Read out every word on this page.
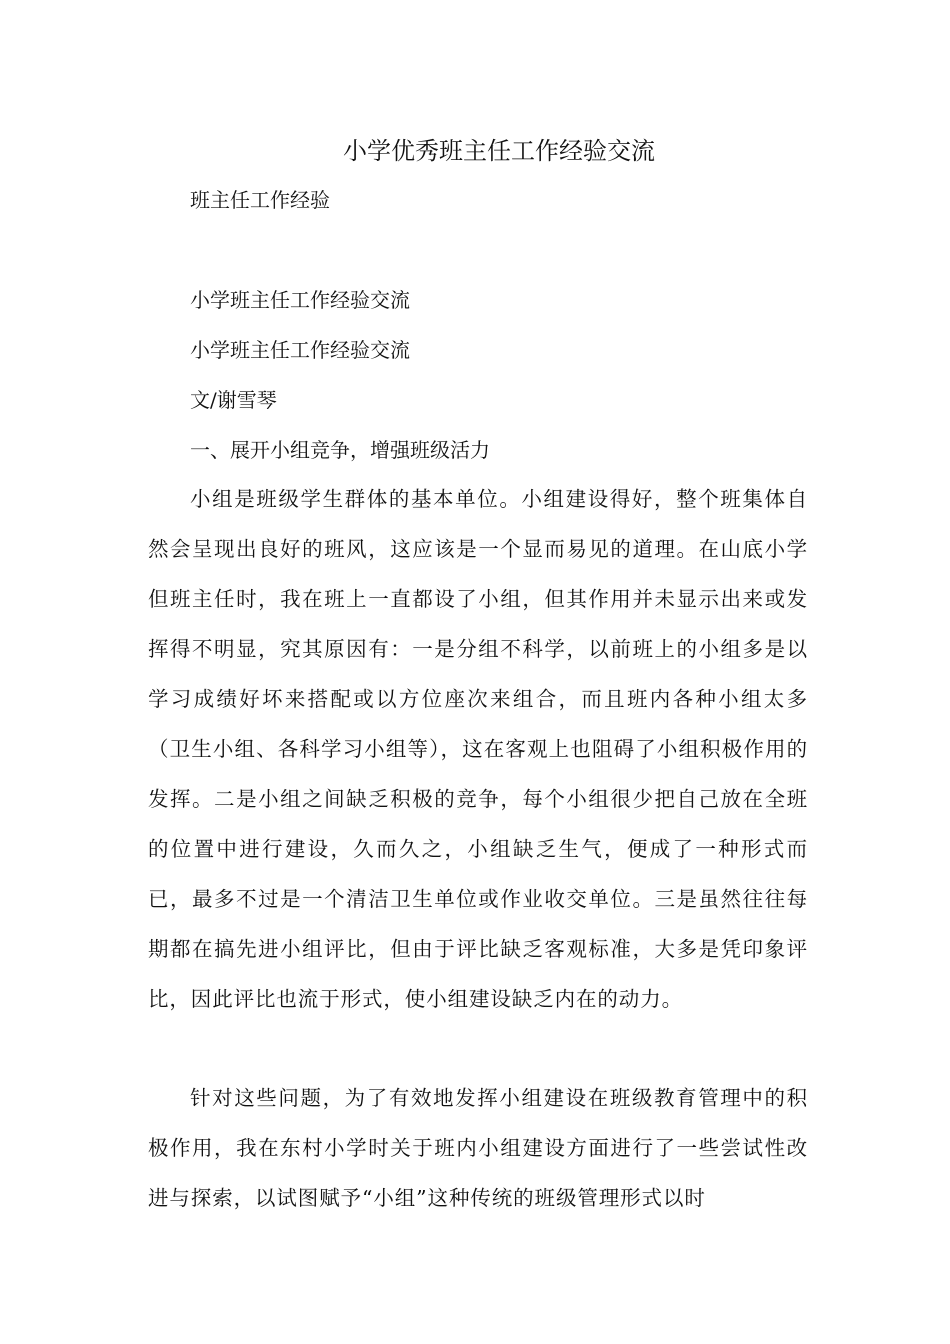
小学优秀班主任工作经验交流

班主任工作经验

小学班主任工作经验交流

小学班主任工作经验交流

文/谢雪琴

一、展开小组竞争，增强班级活力

小组是班级学生群体的基本单位。小组建设得好，整个班集体自然会呈现出良好的班风，这应该是一个显而易见的道理。在山底小学但班主任时，我在班上一直都设了小组，但其作用并未显示出来或发挥得不明显，究其原因有：一是分组不科学，以前班上的小组多是以学习成绩好坏来搭配或以方位座次来组合，而且班内各种小组太多（卫生小组、各科学习小组等），这在客观上也阻碍了小组积极作用的发挥。二是小组之间缺乏积极的竞争，每个小组很少把自己放在全班的位置中进行建设，久而久之，小组缺乏生气，便成了一种形式而已，最多不过是一个清洁卫生单位或作业收交单位。三是虽然往往每期都在搞先进小组评比，但由于评比缺乏客观标准，大多是凭印象评比，因此评比也流于形式，使小组建设缺乏内在的动力。

针对这些问题，为了有效地发挥小组建设在班级教育管理中的积极作用，我在东村小学时关于班内小组建设方面进行了一些尝试性改进与探索，以试图赋予“小组”这种传统的班级管理形式以时
